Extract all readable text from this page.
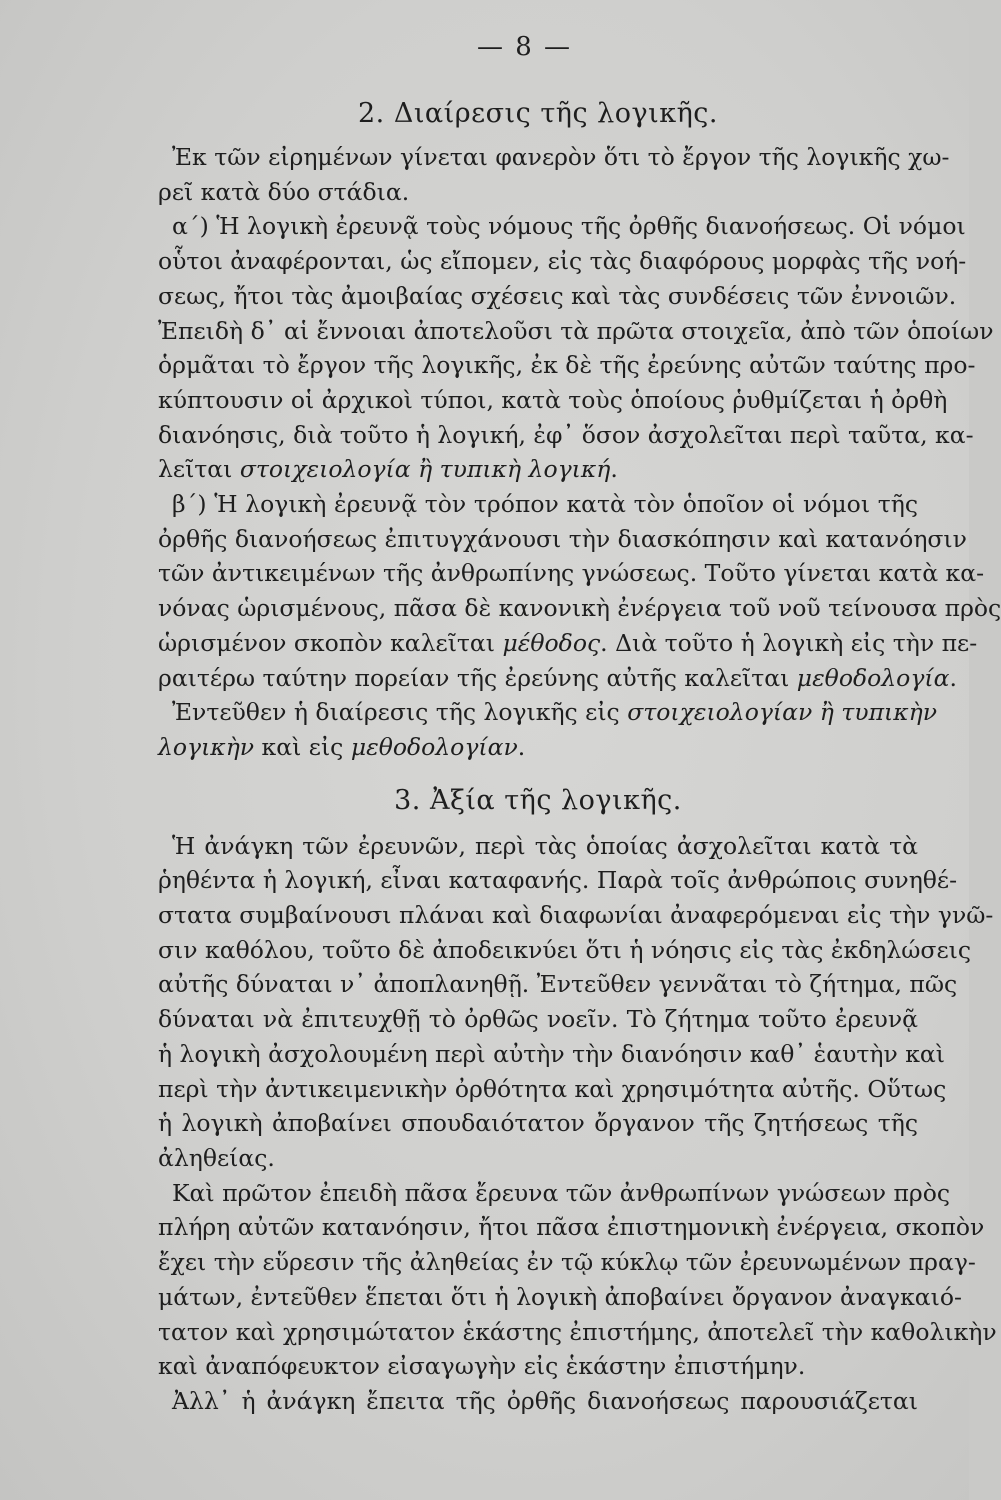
— 8 —
2. Διαίρεσις τῆς λογικῆς.
Ἐκ τῶν εἰρημένων γίνεται φανερὸν ὅτι τὸ ἔργον τῆς λογικῆς χω-
ρεῖ κατὰ δύο στάδια.
α΄) Ἡ λογικὴ ἐρευνᾷ τοὺς νόμους τῆς ὀρθῆς διανοήσεως. Οἱ νόμοι
οὗτοι ἀναφέρονται, ὡς εἴπομεν, εἰς τὰς διαφόρους μορφὰς τῆς νοή-
σεως, ἤτοι τὰς ἀμοιβαίας σχέσεις καὶ τὰς συνδέσεις τῶν ἐννοιῶν.
Ἐπειδὴ δ᾽ αἱ ἔννοιαι ἀποτελοῦσι τὰ πρῶτα στοιχεῖα, ἀπὸ τῶν ὁποίων
ὁρμᾶται τὸ ἔργον τῆς λογικῆς, ἐκ δὲ τῆς ἐρεύνης αὐτῶν ταύτης προ-
κύπτουσιν οἱ ἀρχικοὶ τύποι, κατὰ τοὺς ὁποίους ῥυθμίζεται ἡ ὀρθὴ
διανόησις, διὰ τοῦτο ἡ λογική, ἐφ᾽ ὅσον ἀσχολεῖται περὶ ταῦτα, κα-
λεῖται στοιχειολογία ἢ τυπικὴ λογική.
β΄) Ἡ λογικὴ ἐρευνᾷ τὸν τρόπον κατὰ τὸν ὁποῖον οἱ νόμοι τῆς
ὀρθῆς διανοήσεως ἐπιτυγχάνουσι τὴν διασκόπησιν καὶ κατανόησιν
τῶν ἀντικειμένων τῆς ἀνθρωπίνης γνώσεως. Τοῦτο γίνεται κατὰ κα-
νόνας ὡρισμένους, πᾶσα δὲ κανονικὴ ἐνέργεια τοῦ νοῦ τείνουσα πρὸς
ὡρισμένον σκοπὸν καλεῖται μέθοδος. Διὰ τοῦτο ἡ λογικὴ εἰς τὴν πε-
ραιτέρω ταύτην πορείαν τῆς ἐρεύνης αὐτῆς καλεῖται μεθοδολογία.
Ἐντεῦθεν ἡ διαίρεσις τῆς λογικῆς εἰς στοιχειολογίαν ἢ τυπικὴν
λογικὴν καὶ εἰς μεθοδολογίαν.
3. Ἀξία τῆς λογικῆς.
Ἡ ἀνάγκη τῶν ἐρευνῶν, περὶ τὰς ὁποίας ἀσχολεῖται κατὰ τὰ
ῥηθέντα ἡ λογική, εἶναι καταφανής. Παρὰ τοῖς ἀνθρώποις συνηθέ-
στατα συμβαίνουσι πλάναι καὶ διαφωνίαι ἀναφερόμεναι εἰς τὴν γνῶ-
σιν καθόλου, τοῦτο δὲ ἀποδεικνύει ὅτι ἡ νόησις εἰς τὰς ἐκδηλώσεις
αὐτῆς δύναται ν᾽ ἀποπλανηθῇ. Ἐντεῦθεν γεννᾶται τὸ ζήτημα, πῶς
δύναται νὰ ἐπιτευχθῇ τὸ ὀρθῶς νοεῖν. Τὸ ζήτημα τοῦτο ἐρευνᾷ
ἡ λογικὴ ἀσχολουμένη περὶ αὐτὴν τὴν διανόησιν καθ᾽ ἑαυτὴν καὶ
περὶ τὴν ἀντικειμενικὴν ὀρθότητα καὶ χρησιμότητα αὐτῆς. Οὕτως
ἡ λογικὴ ἀποβαίνει σπουδαιότατον ὄργανον τῆς ζητήσεως τῆς
ἀληθείας.
Καὶ πρῶτον ἐπειδὴ πᾶσα ἔρευνα τῶν ἀνθρωπίνων γνώσεων πρὸς
πλήρη αὐτῶν κατανόησιν, ἤτοι πᾶσα ἐπιστημονικὴ ἐνέργεια, σκοπὸν
ἔχει τὴν εὕρεσιν τῆς ἀληθείας ἐν τῷ κύκλῳ τῶν ἐρευνωμένων πραγ-
μάτων, ἐντεῦθεν ἕπεται ὅτι ἡ λογικὴ ἀποβαίνει ὄργανον ἀναγκαιό-
τατον καὶ χρησιμώτατον ἑκάστης ἐπιστήμης, ἀποτελεῖ τὴν καθολικὴν
καὶ ἀναπόφευκτον εἰσαγωγὴν εἰς ἑκάστην ἐπιστήμην.
Ἀλλ᾽ ἡ ἀνάγκη ἔπειτα τῆς ὀρθῆς διανοήσεως παρουσιάζεται
